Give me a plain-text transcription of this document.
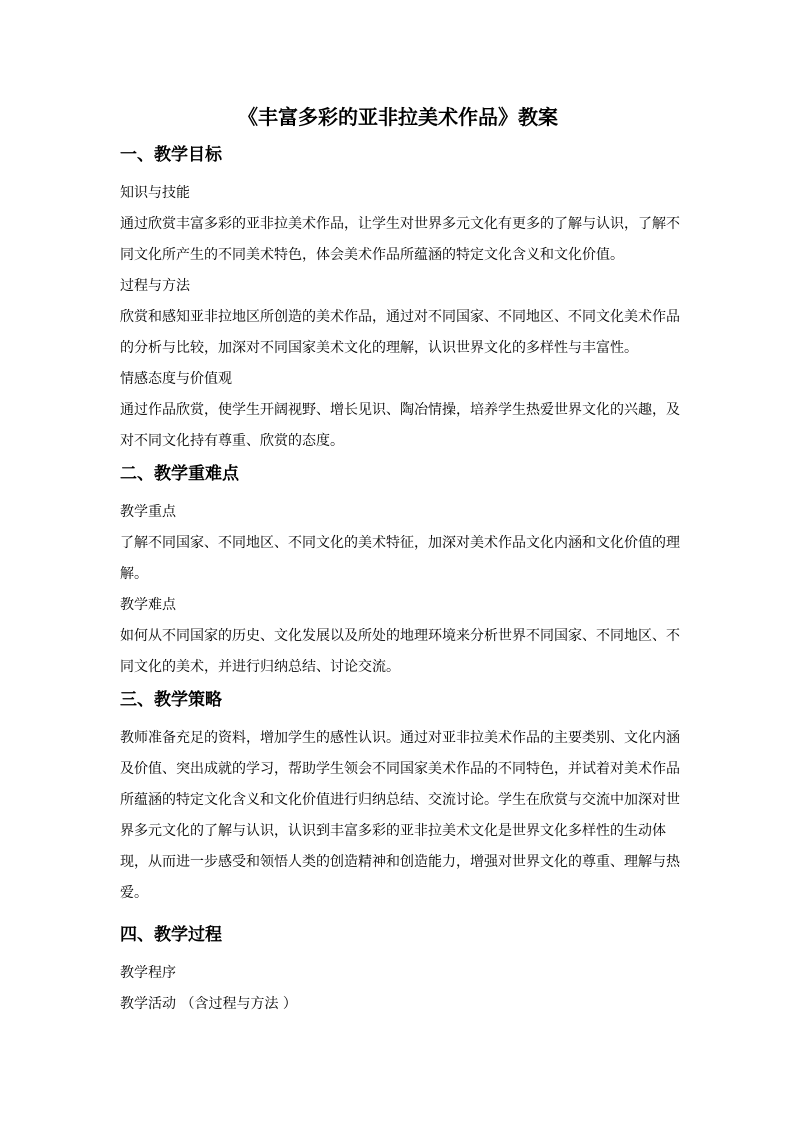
《丰富多彩的亚非拉美术作品》教案
一、教学目标

知识与技能

通过欣赏丰富多彩的亚非拉美术作品，让学生对世界多元文化有更多的了解与认识，了解不
同文化所产生的不同美术特色，体会美术作品所蕴涵的特定文化含义和文化价值。

过程与方法

欣赏和感知亚非拉地区所创造的美术作品，通过对不同国家、不同地区、不同文化美术作品
的分析与比较，加深对不同国家美术文化的理解，认识世界文化的多样性与丰富性。

情感态度与价值观

通过作品欣赏，使学生开阔视野、增长见识、陶冶情操，培养学生热爱世界文化的兴趣，及
对不同文化持有尊重、欣赏的态度。

二、教学重难点

教学重点

了解不同国家、不同地区、不同文化的美术特征，加深对美术作品文化内涵和文化价值的理
解。

教学难点

如何从不同国家的历史、文化发展以及所处的地理环境来分析世界不同国家、不同地区、不
同文化的美术，并进行归纳总结、讨论交流。

三、教学策略

教师准备充足的资料，增加学生的感性认识。通过对亚非拉美术作品的主要类别、文化内涵
及价值、突出成就的学习，帮助学生领会不同国家美术作品的不同特色，并试着对美术作品
所蕴涵的特定文化含义和文化价值进行归纳总结、交流讨论。学生在欣赏与交流中加深对世
界多元文化的了解与认识，认识到丰富多彩的亚非拉美术文化是世界文化多样性的生动体
现，从而进一步感受和领悟人类的创造精神和创造能力，增强对世界文化的尊重、理解与热
爱。

四、教学过程

教学程序

教学活动 （含过程与方法 ）
